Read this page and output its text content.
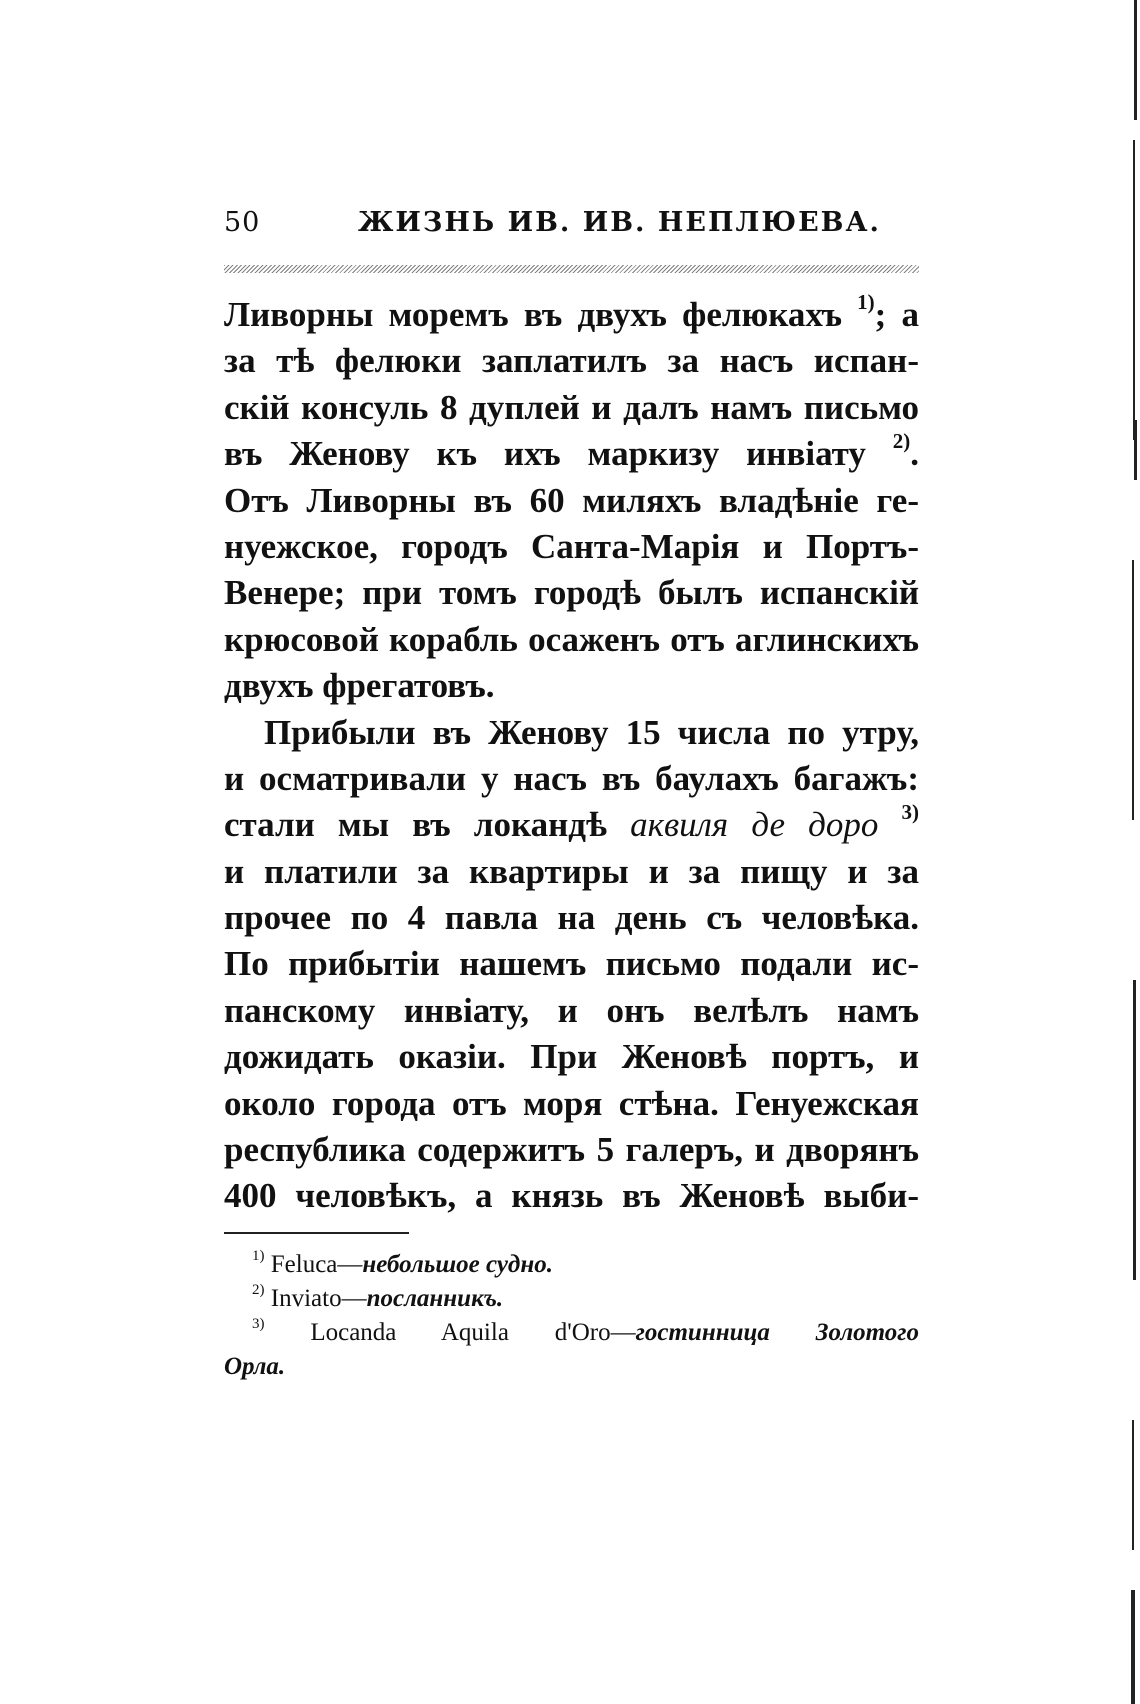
50	ЖИЗНЬ ИВ. ИВ. НЕПЛЮЕВА.
Ливорны моремъ въ двухъ фелюкахъ $^{1)}$; а
за тѣ фелюки заплатилъ за насъ испан-
скій консуль 8 дуплей и далъ намъ письмо
въ Женову къ ихъ маркизу инвіату $^{2)}$.
Отъ Ливорны въ 60 миляхъ владѣніе ге-
нуежское, городъ Санта-Марія и Портъ-
Венере; при томъ городѣ былъ испанскій
крюсовой корабль осаженъ отъ аглинскихъ
двухъ фрегатовъ.
Прибыли въ Женову 15 числа по утру,
и осматривали у насъ въ баулахъ багажъ:
стали мы въ локандѣ аквиля де доро $^{3)}$
и платили за квартиры и за пищу и за
прочее по 4 павла на день съ человѣка.
По прибытіи нашемъ письмо подали ис-
панскому инвіату, и онъ велѣлъ намъ
дожидать оказіи. При Женовѣ портъ, и
около города отъ моря стѣна. Генуежская
республика содержитъ 5 галеръ, и дворянъ
400 человѣкъ, а князь въ Женовѣ выби-
$^{1)}$ Feluca—небольшое судно.
$^{2)}$ Inviato—посланникъ.
$^{3)}$ Locanda Aquila d'Oro—гостинница Золотого
Орла.
